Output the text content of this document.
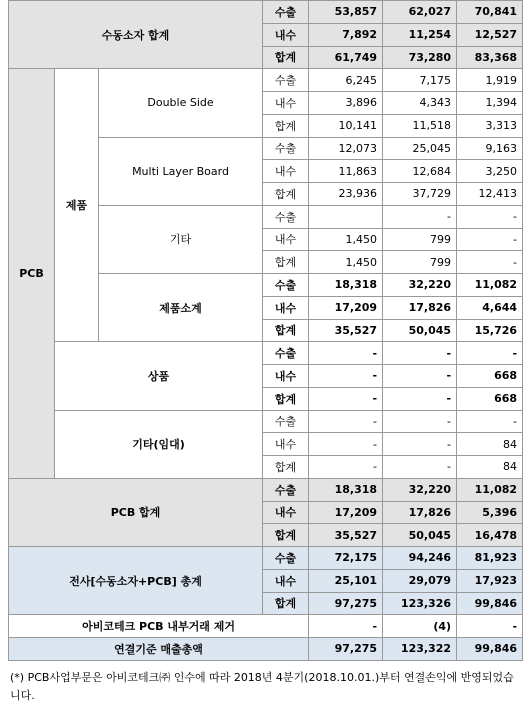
수동소자 합계			수출	53,857	62,027	70,841
			내수	7,892	11,254	12,527
			합계	61,749	73,280	83,368
PCB	제품	Double Side	수출	6,245	7,175	1,919
			내수	3,896	4,343	1,394
			합계	10,141	11,518	3,313
		Multi Layer Board	수출	12,073	25,045	9,163
			내수	11,863	12,684	3,250
			합계	23,936	37,729	12,413
		기타	수출		-	-
			내수	1,450	799	-
			합계	1,450	799	-
		제품소계	수출	18,318	32,220	11,082
			내수	17,209	17,826	4,644
			합계	35,527	50,045	15,726
	상품		수출	-	-	-
			내수	-	-	668
			합계	-	-	668
	기타(임대)		수출	-	-	-
			내수	-	-	84
			합계	-	-	84
PCB 합계			수출	18,318	32,220	11,082
			내수	17,209	17,826	5,396
			합계	35,527	50,045	16,478
전사[수동소자+PCB] 총계			수출	72,175	94,246	81,923
			내수	25,101	29,079	17,923
			합계	97,275	123,326	99,846
아비코테크 PCB 내부거래 제거				-	(4)	-
연결기준 매출총액				97,275	123,322	99,846
(*) PCB사업부문은 아비코테크㈜ 인수에 따라 2018년 4분기(2018.10.01.)부터 연결손익에 반영되었습니다.
